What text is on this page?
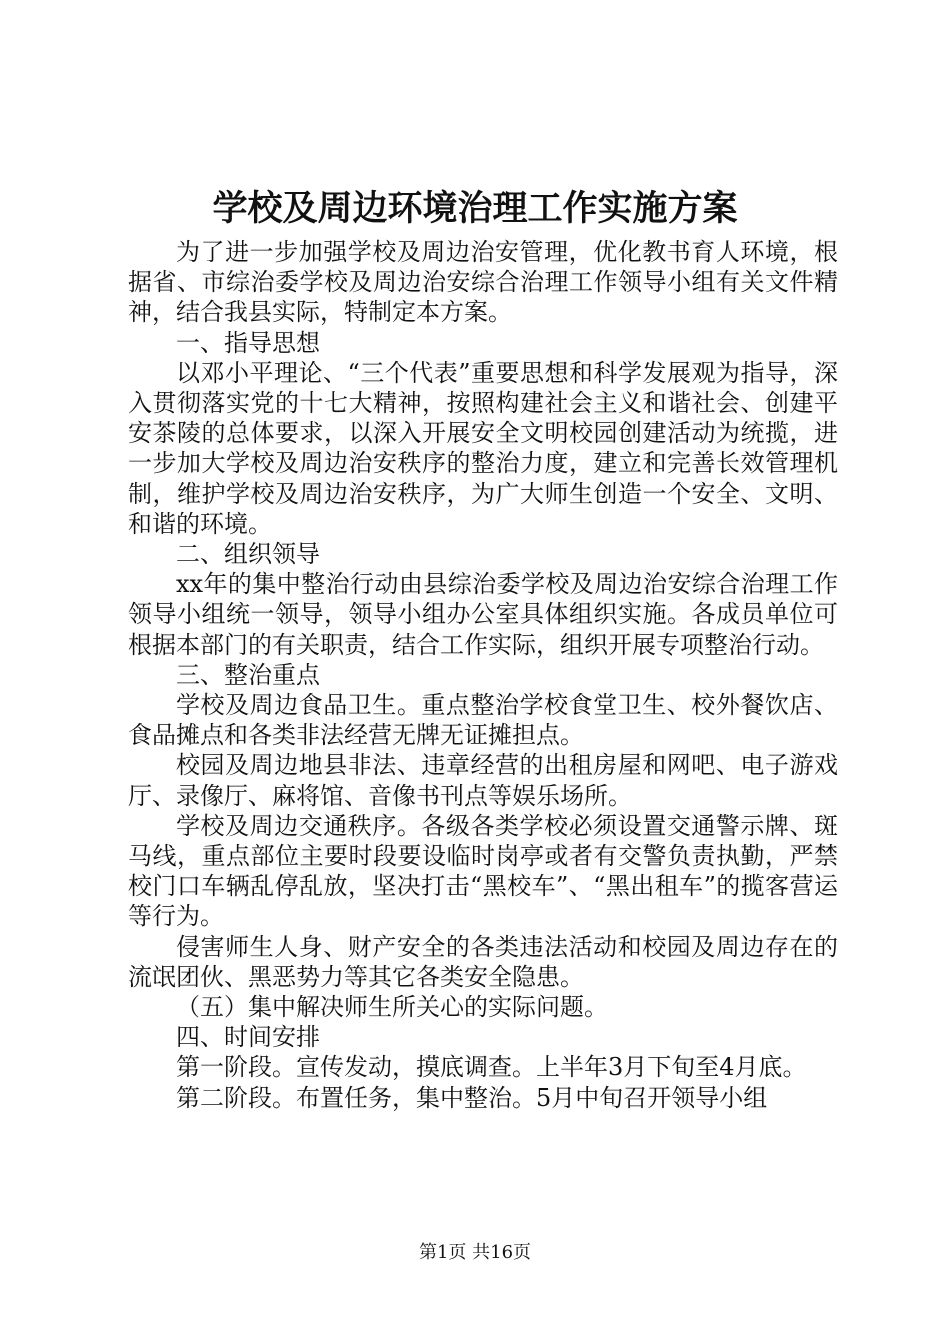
学校及周边环境治理工作实施方案

为了进一步加强学校及周边治安管理，优化教书育人环境，根据省、市综治委学校及周边治安综合治理工作领导小组有关文件精神，结合我县实际，特制定本方案。

一、指导思想

以邓小平理论、“三个代表”重要思想和科学发展观为指导，深入贯彻落实党的十七大精神，按照构建社会主义和谐社会、创建平安茶陵的总体要求，以深入开展安全文明校园创建活动为统揽，进一步加大学校及周边治安秩序的整治力度，建立和完善长效管理机制，维护学校及周边治安秩序，为广大师生创造一个安全、文明、和谐的环境。

二、组织领导

xx年的集中整治行动由县综治委学校及周边治安综合治理工作领导小组统一领导，领导小组办公室具体组织实施。各成员单位可根据本部门的有关职责，结合工作实际，组织开展专项整治行动。

三、整治重点

学校及周边食品卫生。重点整治学校食堂卫生、校外餐饮店、食品摊点和各类非法经营无牌无证摊担点。

校园及周边地县非法、违章经营的出租房屋和网吧、电子游戏厅、录像厅、麻将馆、音像书刊点等娱乐场所。

学校及周边交通秩序。各级各类学校必须设置交通警示牌、斑马线，重点部位主要时段要设临时岗亭或者有交警负责执勤，严禁校门口车辆乱停乱放，坚决打击“黑校车”、“黑出租车”的揽客营运等行为。

侵害师生人身、财产安全的各类违法活动和校园及周边存在的流氓团伙、黑恶势力等其它各类安全隐患。

（五）集中解决师生所关心的实际问题。

四、时间安排

第一阶段。宣传发动，摸底调查。上半年3月下旬至4月底。

第二阶段。布置任务，集中整治。5月中旬召开领导小组

第1页 共16页
